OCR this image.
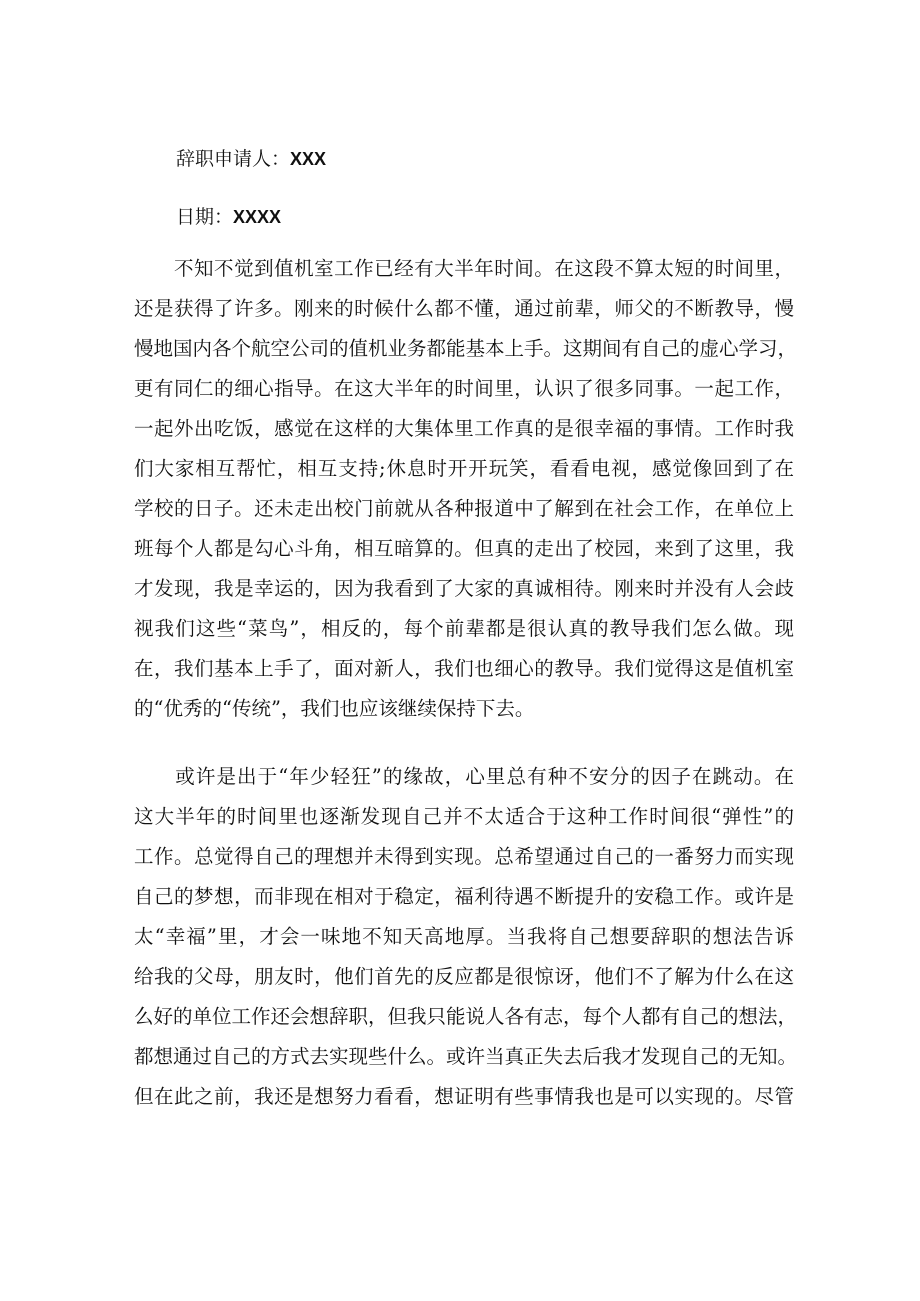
辞职申请人：XXX
日期：XXXX
　　不知不觉到值机室工作已经有大半年时间。在这段不算太短的时间里，
还是获得了许多。刚来的时候什么都不懂，通过前辈，师父的不断教导，慢
慢地国内各个航空公司的值机业务都能基本上手。这期间有自己的虚心学习，
更有同仁的细心指导。在这大半年的时间里，认识了很多同事。一起工作，
一起外出吃饭，感觉在这样的大集体里工作真的是很幸福的事情。工作时我
们大家相互帮忙，相互支持;休息时开开玩笑，看看电视，感觉像回到了在
学校的日子。还未走出校门前就从各种报道中了解到在社会工作，在单位上
班每个人都是勾心斗角，相互暗算的。但真的走出了校园，来到了这里，我
才发现，我是幸运的，因为我看到了大家的真诚相待。刚来时并没有人会歧
视我们这些“菜鸟”，相反的，每个前辈都是很认真的教导我们怎么做。现
在，我们基本上手了，面对新人，我们也细心的教导。我们觉得这是值机室
的“优秀的“传统”，我们也应该继续保持下去。
　　或许是出于“年少轻狂”的缘故，心里总有种不安分的因子在跳动。在
这大半年的时间里也逐渐发现自己并不太适合于这种工作时间很“弹性”的
工作。总觉得自己的理想并未得到实现。总希望通过自己的一番努力而实现
自己的梦想，而非现在相对于稳定，福利待遇不断提升的安稳工作。或许是
太“幸福”里，才会一味地不知天高地厚。当我将自己想要辞职的想法告诉
给我的父母，朋友时，他们首先的反应都是很惊讶，他们不了解为什么在这
么好的单位工作还会想辞职，但我只能说人各有志，每个人都有自己的想法，
都想通过自己的方式去实现些什么。或许当真正失去后我才发现自己的无知。
但在此之前，我还是想努力看看，想证明有些事情我也是可以实现的。尽管
